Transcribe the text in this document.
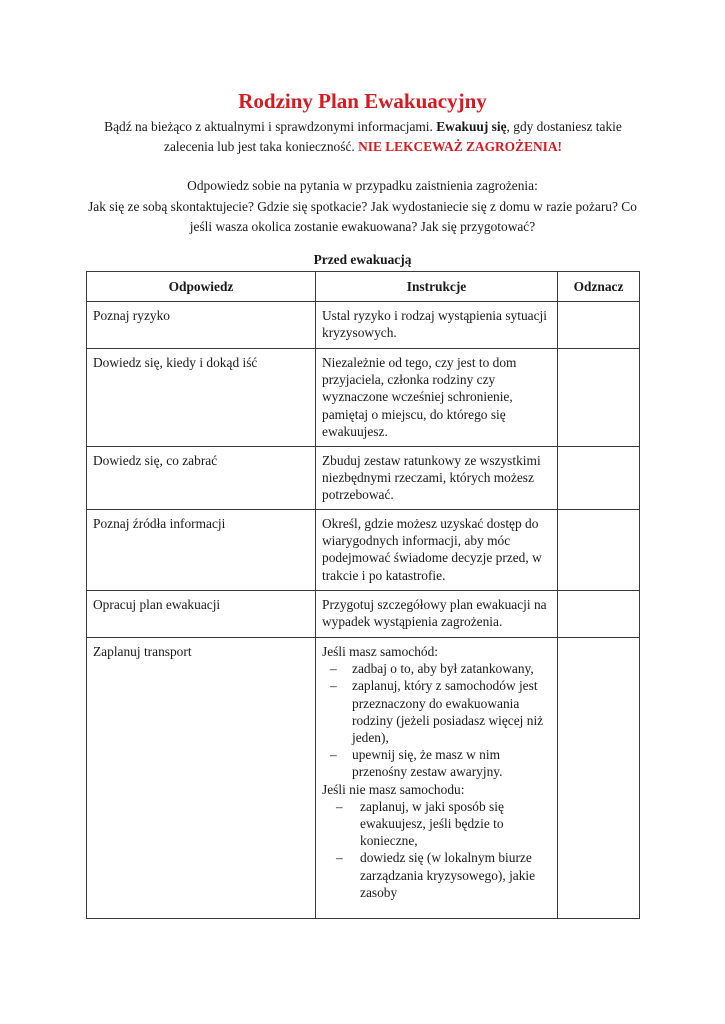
Rodziny Plan Ewakuacyjny
Bądź na bieżąco z aktualnymi i sprawdzonymi informacjami. Ewakuuj się, gdy dostaniesz takie zalecenia lub jest taka konieczność. NIE LEKCEWAŻ ZAGROŻENIA!
Odpowiedz sobie na pytania w przypadku zaistnienia zagrożenia:
Jak się ze sobą skontaktujecie? Gdzie się spotkacie? Jak wydostaniecie się z domu w razie pożaru? Co jeśli wasza okolica zostanie ewakuowana? Jak się przygotować?
Przed ewakuacją
Odpowiedz	Instrukcje	Odznacz
Poznaj ryzyko	Ustal ryzyko i rodzaj wystąpienia sytuacji kryzysowych.	
Dowiedz się, kiedy i dokąd iść	Niezależnie od tego, czy jest to dom przyjaciela, członka rodziny czy wyznaczone wcześniej schronienie, pamiętaj o miejscu, do którego się ewakuujesz.	
Dowiedz się, co zabrać	Zbuduj zestaw ratunkowy ze wszystkimi niezbędnymi rzeczami, których możesz potrzebować.	
Poznaj źródła informacji	Określ, gdzie możesz uzyskać dostęp do wiarygodnych informacji, aby móc podejmować świadome decyzje przed, w trakcie i po katastrofie.	
Opracuj plan ewakuacji	Przygotuj szczegółowy plan ewakuacji na wypadek wystąpienia zagrożenia.	
Zaplanuj transport	Jeśli masz samochód:
– zadbaj o to, aby był zatankowany,
– zaplanuj, który z samochodów jest przeznaczony do ewakuowania rodziny (jeżeli posiadasz więcej niż jeden),
– upewnij się, że masz w nim przenośny zestaw awaryjny.
Jeśli nie masz samochodu:
– zaplanuj, w jaki sposób się ewakuujesz, jeśli będzie to konieczne,
– dowiedz się (w lokalnym biurze zarządzania kryzysowego), jakie zasoby
